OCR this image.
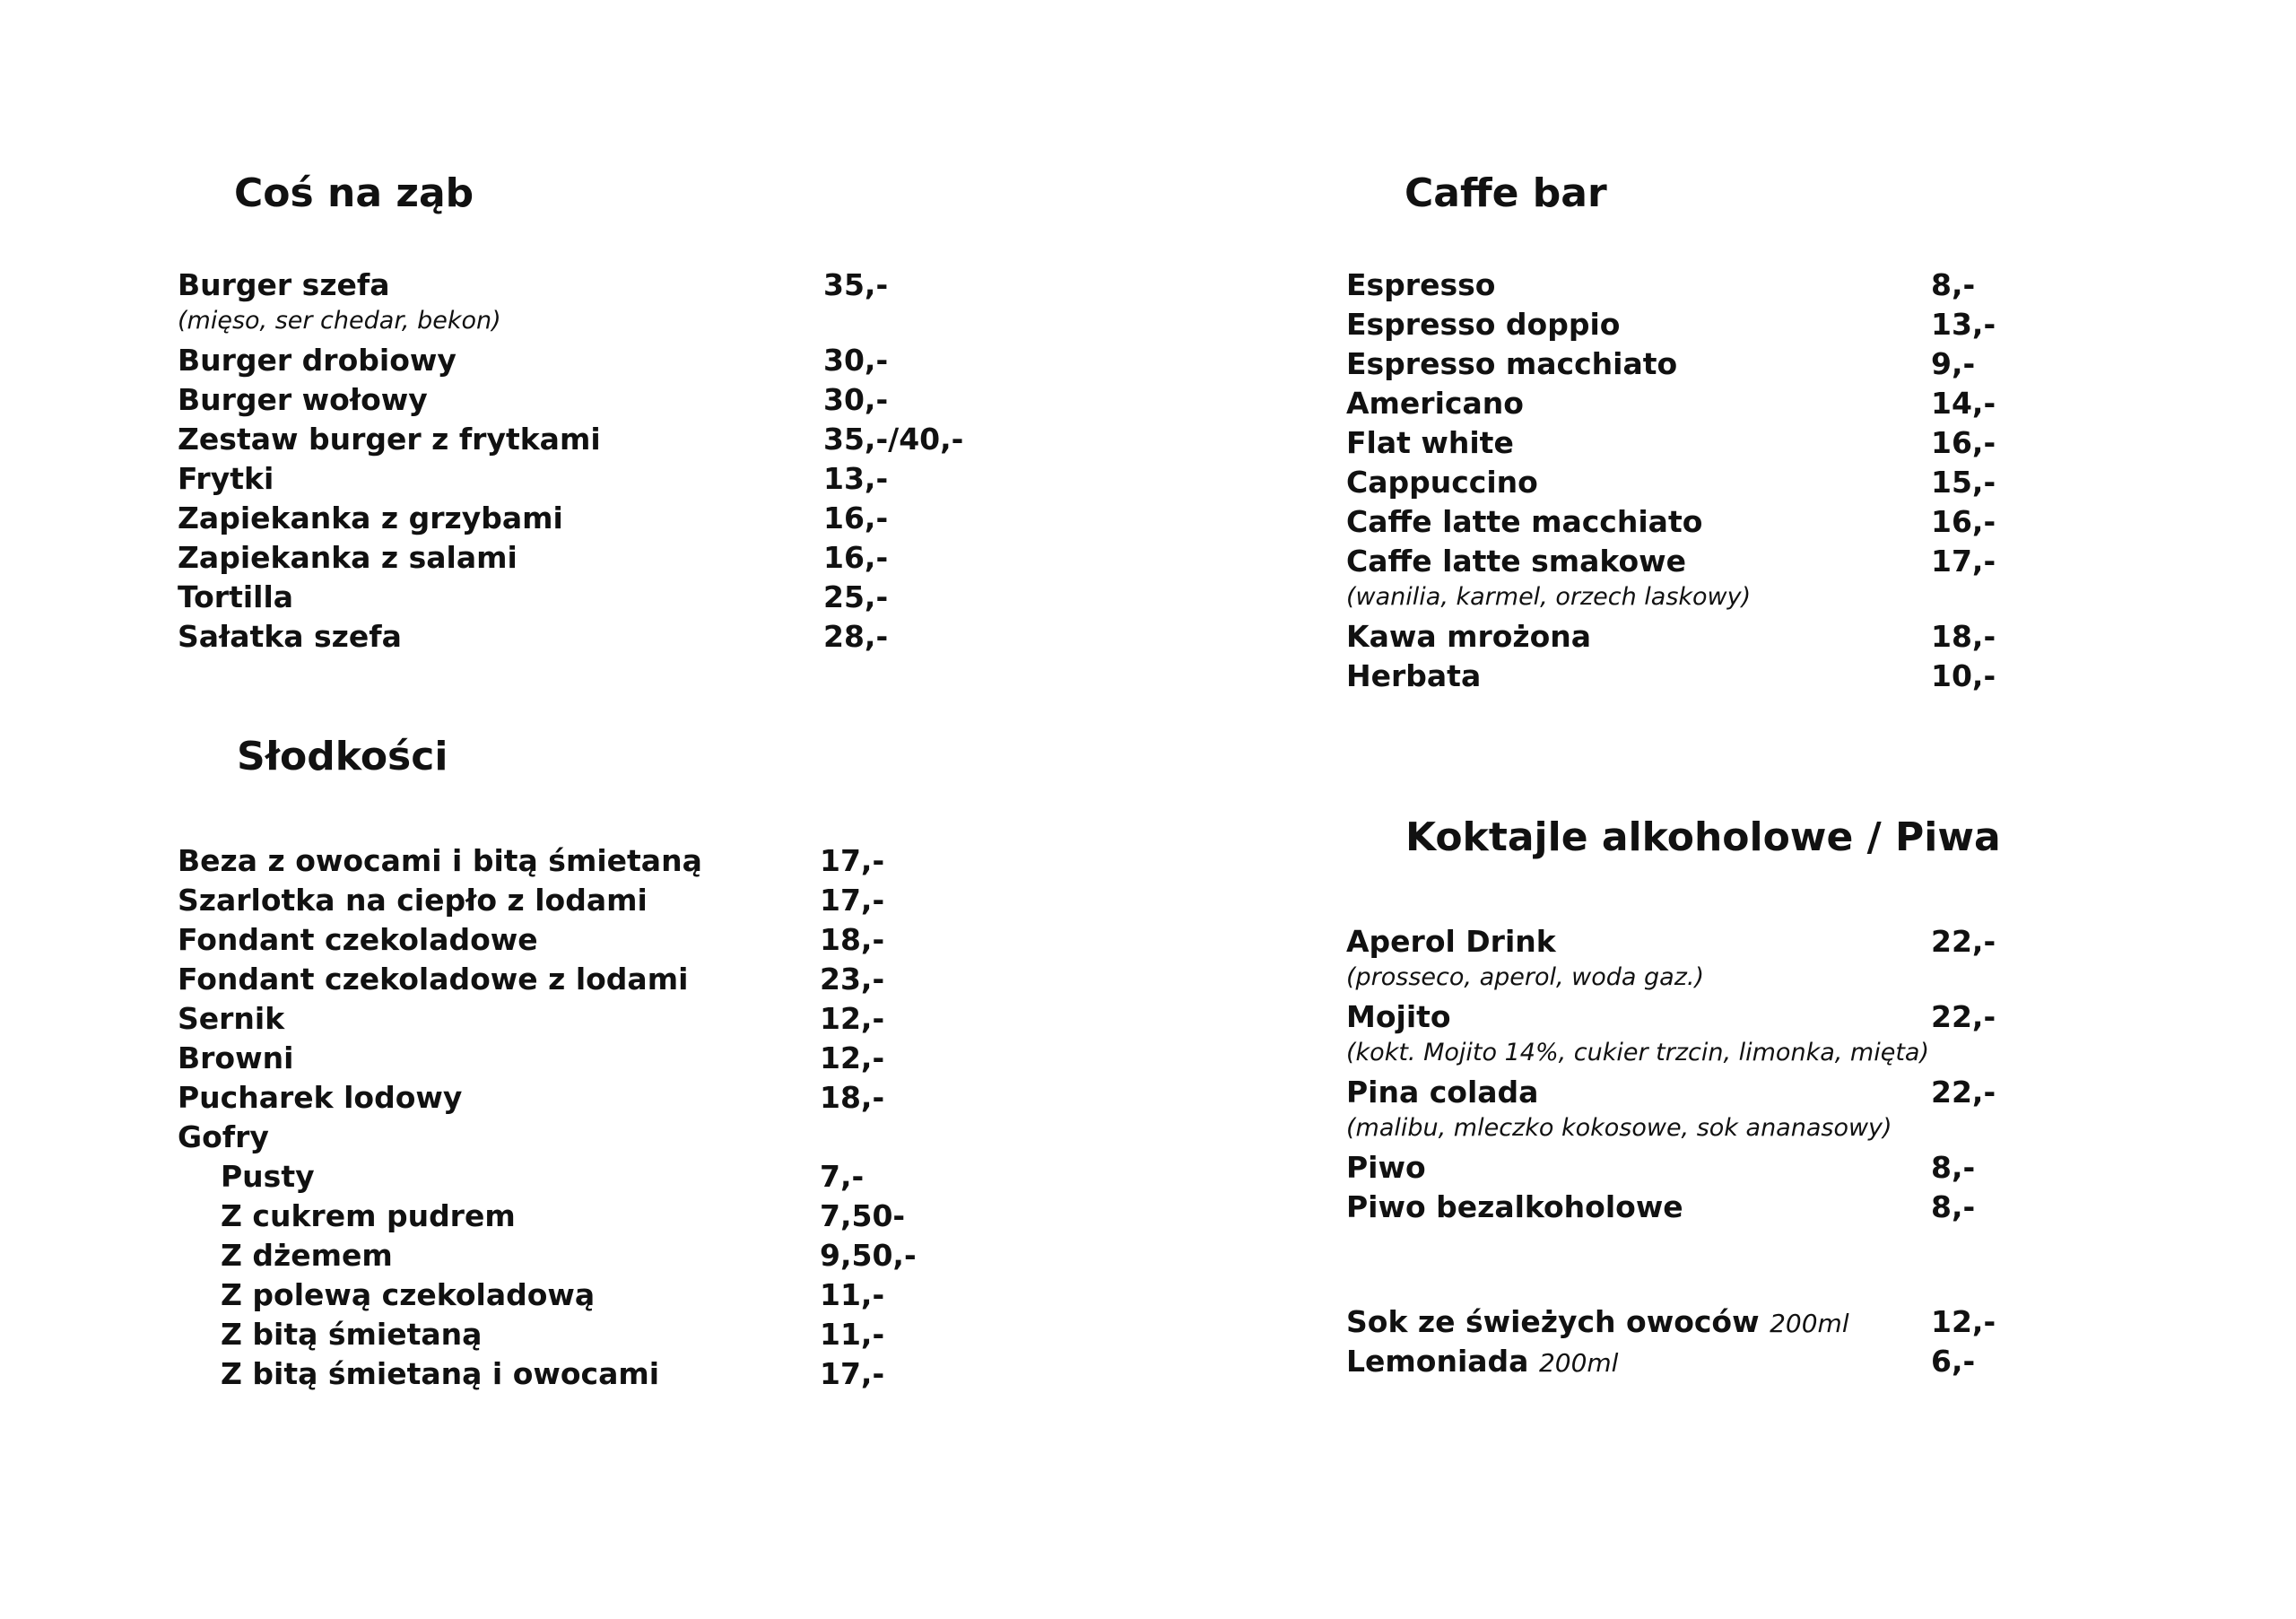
Coś na ząb
Burger szefa	35,-
(mięso, ser chedar, bekon)
Burger drobiowy	30,-
Burger wołowy	30,-
Zestaw burger z frytkami	35,-/40,-
Frytki	13,-
Zapiekanka z grzybami	16,-
Zapiekanka z salami	16,-
Tortilla	25,-
Sałatka szefa	28,-
Słodkości
Beza z owocami i bitą śmietaną	17,-
Szarlotka na ciepło z lodami	17,-
Fondant czekoladowe	18,-
Fondant czekoladowe z lodami	23,-
Sernik	12,-
Browni	12,-
Pucharek lodowy	18,-
Gofry
Pusty	7,-
Z cukrem pudrem	7,50-
Z dżemem	9,50,-
Z polewą czekoladową	11,-
Z bitą śmietaną	11,-
Z bitą śmietaną i owocami	17,-
Caffe bar
Espresso	8,-
Espresso doppio	13,-
Espresso macchiato	9,-
Americano	14,-
Flat white	16,-
Cappuccino	15,-
Caffe latte macchiato	16,-
Caffe latte smakowe	17,-
(wanilia, karmel, orzech laskowy)
Kawa mrożona	18,-
Herbata	10,-
Koktajle alkoholowe / Piwa
Aperol Drink	22,-
(prosseco, aperol, woda gaz.)
Mojito	22,-
(kokt. Mojito 14%, cukier trzcin, limonka, mięta)
Pina colada	22,-
(malibu, mleczko kokosowe, sok ananasowy)
Piwo	8,-
Piwo bezalkoholowe	8,-
Sok ze świeżych owoców 200ml	12,-
Lemoniada 200ml	6,-
